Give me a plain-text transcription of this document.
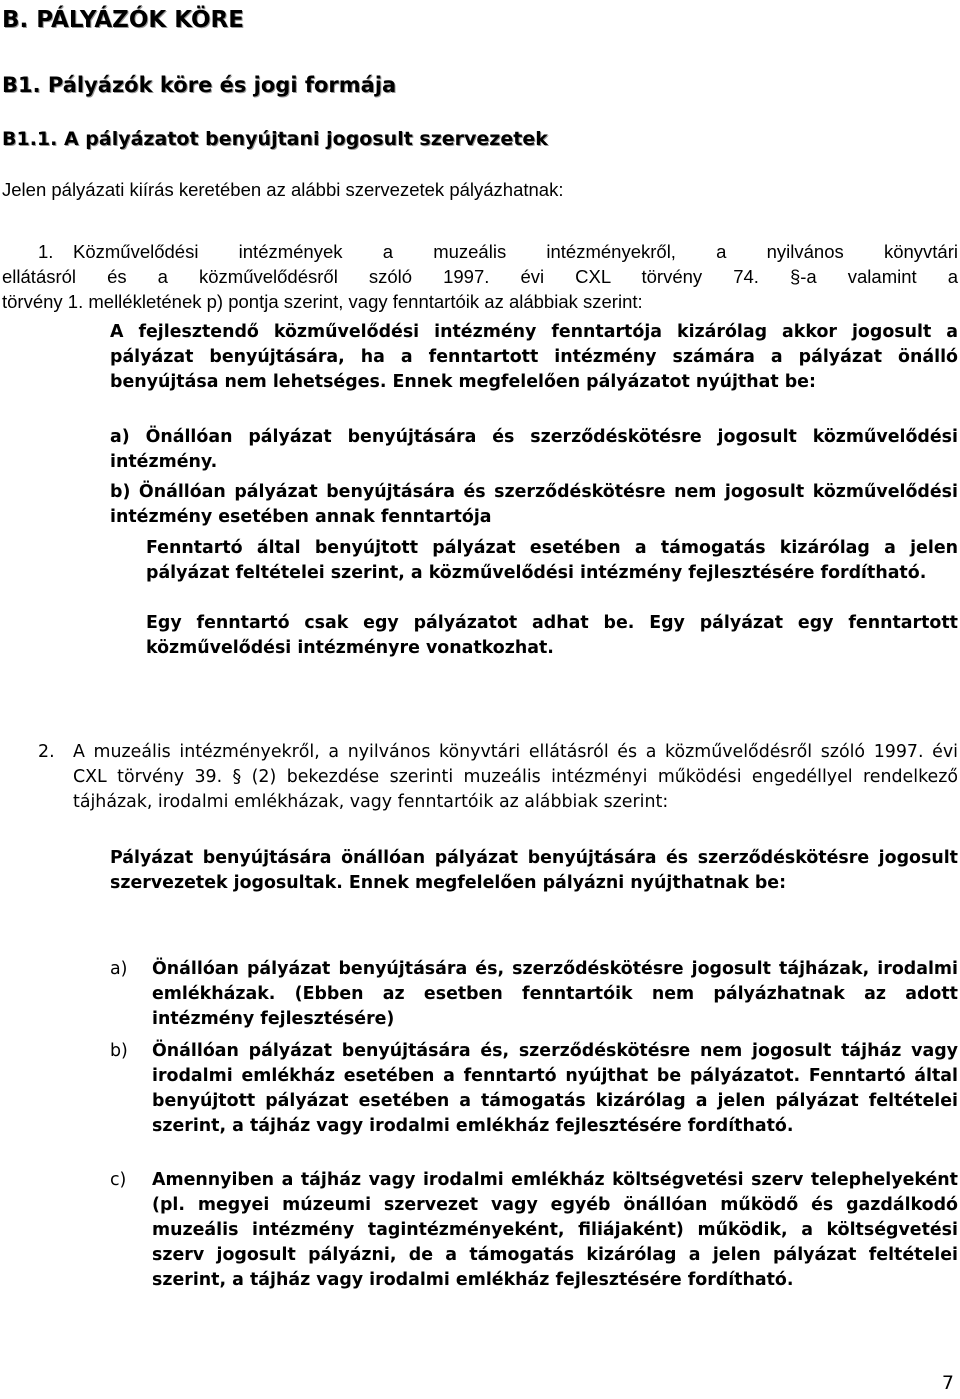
B. PÁLYÁZÓK KÖRE
B1. Pályázók köre és jogi formája
B1.1. A pályázatot benyújtani jogosult szervezetek

Jelen pályázati kiírás keretében az alábbi szervezetek pályázhatnak:

1. Közművelődési intézmények a muzeális intézményekről, a nyilvános könyvtári

ellátásról és a közművelődésről szóló 1997. évi CXL törvény 74. §-a valamint a

törvény 1. mellékletének p) pontja szerint, vagy fenntartóik az alábbiak szerint:

A fejlesztendő közművelődési intézmény fenntartója kizárólag akkor jogosult a pályázat benyújtására, ha a fenntartott intézmény számára a pályázat önálló benyújtása nem lehetséges. Ennek megfelelően pályázatot nyújthat be:

a) Önállóan pályázat benyújtására és szerződéskötésre jogosult közművelődési intézmény.

b) Önállóan pályázat benyújtására és szerződéskötésre nem jogosult közművelődési intézmény esetében annak fenntartója

Fenntartó által benyújtott pályázat esetében a támogatás kizárólag a jelen pályázat feltételei szerint, a közművelődési intézmény fejlesztésére fordítható.

Egy fenntartó csak egy pályázatot adhat be. Egy pályázat egy fenntartott közművelődési intézményre vonatkozhat.

2. A muzeális intézményekről, a nyilvános könyvtári ellátásról és a közművelődésről szóló 1997. évi CXL törvény 39. § (2) bekezdése szerinti muzeális intézményi működési engedéllyel rendelkező tájházak, irodalmi emlékházak, vagy fenntartóik az alábbiak szerint:

Pályázat benyújtására önállóan pályázat benyújtására és szerződéskötésre jogosult szervezetek jogosultak. Ennek megfelelően pályázni nyújthatnak be:

a) Önállóan pályázat benyújtására és, szerződéskötésre jogosult tájházak, irodalmi emlékházak. (Ebben az esetben fenntartóik nem pályázhatnak az adott intézmény fejlesztésére)

b) Önállóan pályázat benyújtására és, szerződéskötésre nem jogosult tájház vagy irodalmi emlékház esetében a fenntartó nyújthat be pályázatot. Fenntartó által benyújtott pályázat esetében a támogatás kizárólag a jelen pályázat feltételei szerint, a tájház vagy irodalmi emlékház fejlesztésére fordítható.

c) Amennyiben a tájház vagy irodalmi emlékház költségvetési szerv telephelyeként (pl. megyei múzeumi szervezet vagy egyéb önállóan működő és gazdálkodó muzeális intézmény tagintézményeként, filiájaként) működik, a költségvetési szerv jogosult pályázni, de a támogatás kizárólag a jelen pályázat feltételei szerint, a tájház vagy irodalmi emlékház fejlesztésére fordítható.

7
